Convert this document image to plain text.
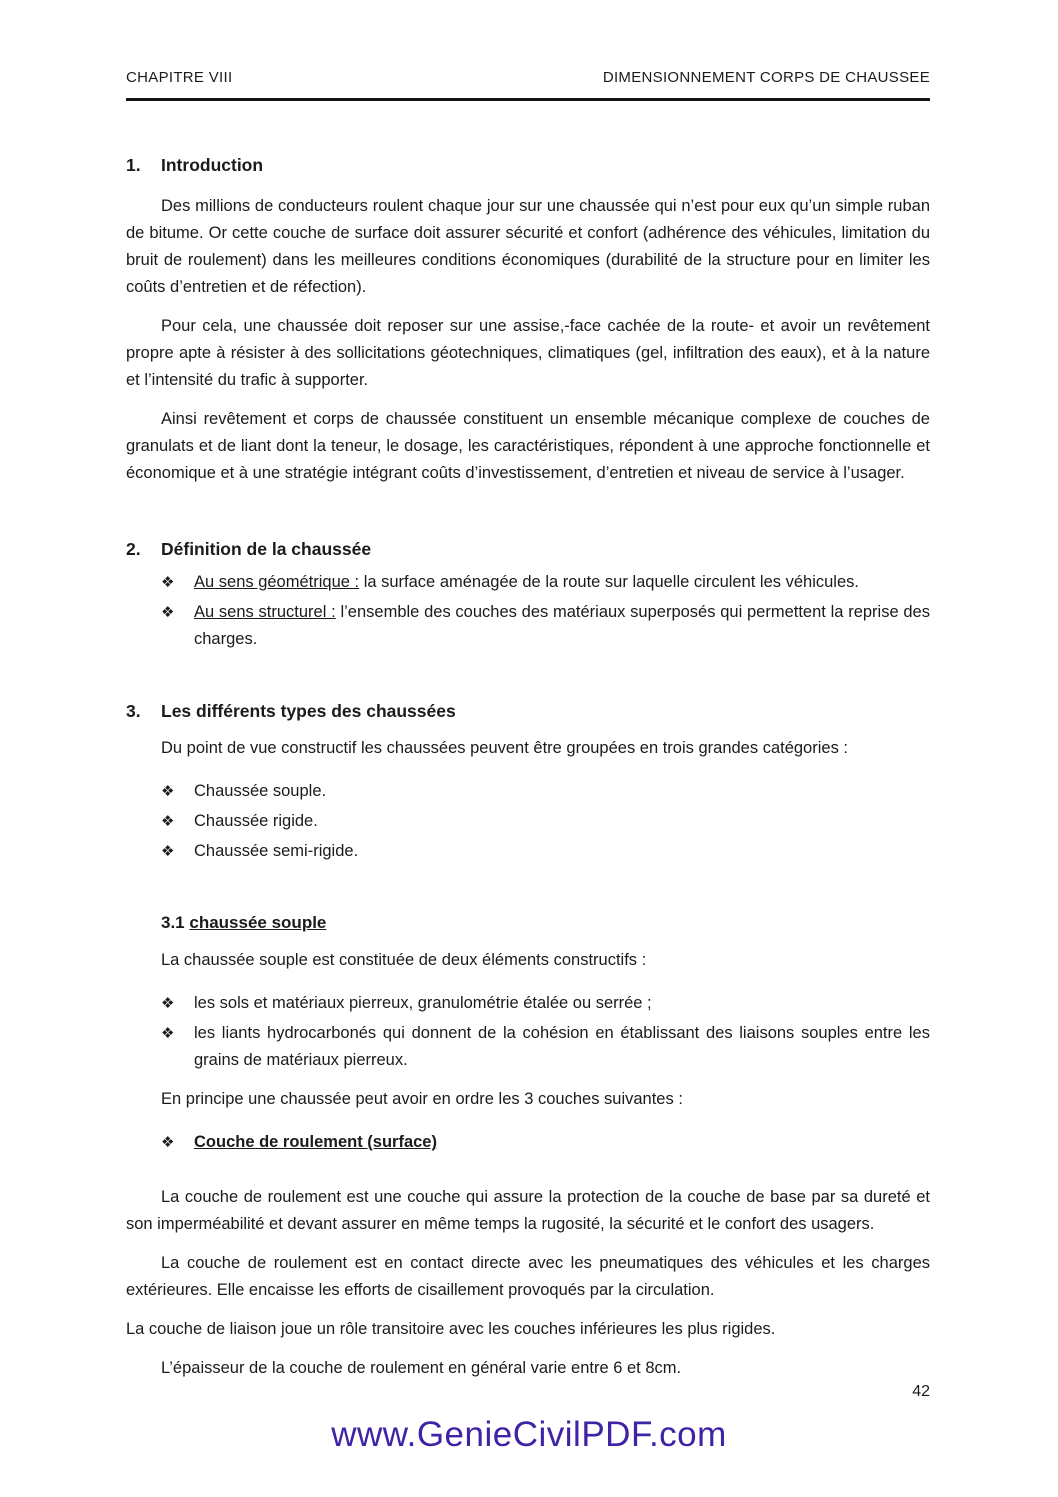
CHAPITRE VIII	DIMENSIONNEMENT CORPS DE CHAUSSEE
1.	Introduction

Des millions de conducteurs roulent chaque jour sur une chaussée qui n’est pour eux qu’un simple ruban de bitume. Or cette couche de surface doit assurer sécurité et confort (adhérence des véhicules, limitation du bruit de roulement) dans les meilleures conditions économiques (durabilité de la structure pour en limiter les coûts d’entretien et de réfection).

Pour cela, une chaussée doit reposer sur une assise,-face cachée de la route- et avoir un revêtement propre apte à résister à des sollicitations géotechniques, climatiques (gel, infiltration des eaux), et à la nature et l’intensité du trafic à supporter.

Ainsi revêtement et corps de chaussée constituent un ensemble mécanique complexe de couches de granulats et de liant dont la teneur, le dosage, les caractéristiques, répondent à une approche fonctionnelle et économique et à une stratégie intégrant coûts d’investissement, d’entretien et niveau de service à l’usager.

2.	Définition de la chaussée
❖	Au sens géométrique : la surface aménagée de la route sur laquelle circulent les véhicules.
❖	Au sens structurel : l’ensemble des couches des matériaux superposés qui permettent la reprise des charges.
3.	Les différents types des chaussées

Du point de vue constructif les chaussées peuvent être groupées en trois grandes catégories :

❖	Chaussée souple.
❖	Chaussée rigide.
❖	Chaussée semi-rigide.
3.1 chaussée souple

La chaussée souple est constituée de deux éléments constructifs :

❖	les sols et matériaux pierreux, granulométrie étalée ou serrée ;
❖	les liants hydrocarbonés qui donnent de la cohésion en établissant des liaisons souples entre les grains de matériaux pierreux.

En principe une chaussée peut avoir en ordre les 3 couches suivantes :

❖	Couche de roulement (surface)

La couche de roulement est une couche qui assure la protection de la couche de base par sa dureté et son imperméabilité et devant assurer en même temps la rugosité, la sécurité et le confort des usagers.

La couche de roulement est en contact directe avec les pneumatiques des véhicules et les charges extérieures. Elle encaisse les efforts de cisaillement provoqués par la circulation.

La couche de liaison joue un rôle transitoire avec les couches inférieures les plus rigides.

L’épaisseur de la couche de roulement en général varie entre 6 et 8cm.

42
www.GenieCivilPDF.com
